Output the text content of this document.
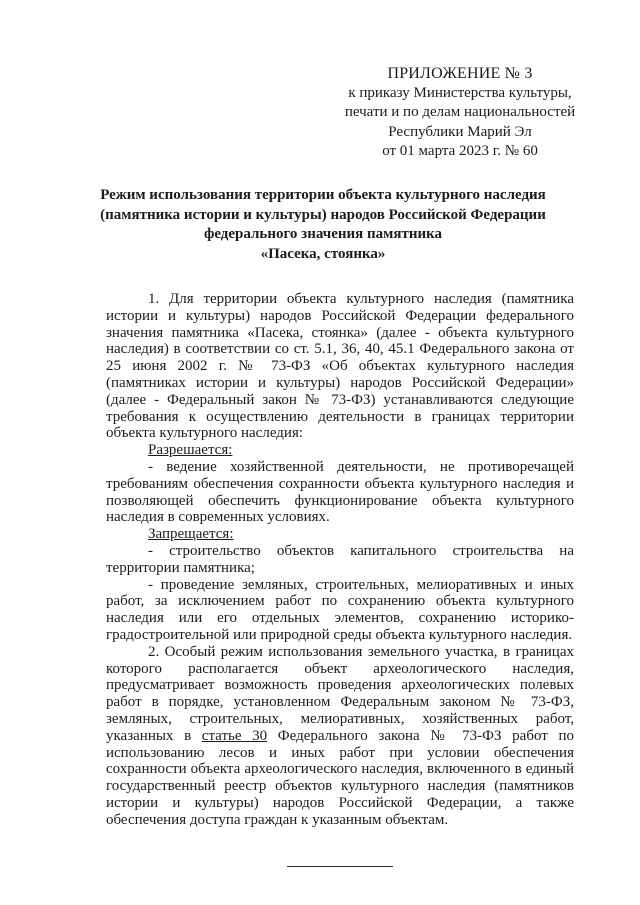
ПРИЛОЖЕНИЕ № 3
к приказу Министерства культуры,
печати и по делам национальностей
Республики Марий Эл
от 01 марта 2023 г. № 60
Режим использования территории объекта культурного наследия
(памятника истории и культуры) народов Российской Федерации
федерального значения памятника
«Пасека, стоянка»

1. Для территории объекта культурного наследия (памятника истории и культуры) народов Российской Федерации федерального значения памятника «Пасека, стоянка» (далее - объекта культурного наследия) в соответствии со ст. 5.1, 36, 40, 45.1 Федерального закона от 25 июня 2002 г. № 73-ФЗ «Об объектах культурного наследия (памятниках истории и культуры) народов Российской Федерации» (далее - Федеральный закон № 73-ФЗ) устанавливаются следующие требования к осуществлению деятельности в границах территории объекта культурного наследия:

Разрешается:

- ведение хозяйственной деятельности, не противоречащей требованиям обеспечения сохранности объекта культурного наследия и позволяющей обеспечить функционирование объекта культурного наследия в современных условиях.

Запрещается:

- строительство объектов капитального строительства на территории памятника;

- проведение земляных, строительных, мелиоративных и иных работ, за исключением работ по сохранению объекта культурного наследия или его отдельных элементов, сохранению историко-градостроительной или природной среды объекта культурного наследия.

2. Особый режим использования земельного участка, в границах которого располагается объект археологического наследия, предусматривает возможность проведения археологических полевых работ в порядке, установленном Федеральным законом № 73-ФЗ, земляных, строительных, мелиоративных, хозяйственных работ, указанных в статье 30 Федерального закона № 73-ФЗ работ по использованию лесов и иных работ при условии обеспечения сохранности объекта археологического наследия, включенного в единый государственный реестр объектов культурного наследия (памятников истории и культуры) народов Российской Федерации, а также обеспечения доступа граждан к указанным объектам.
